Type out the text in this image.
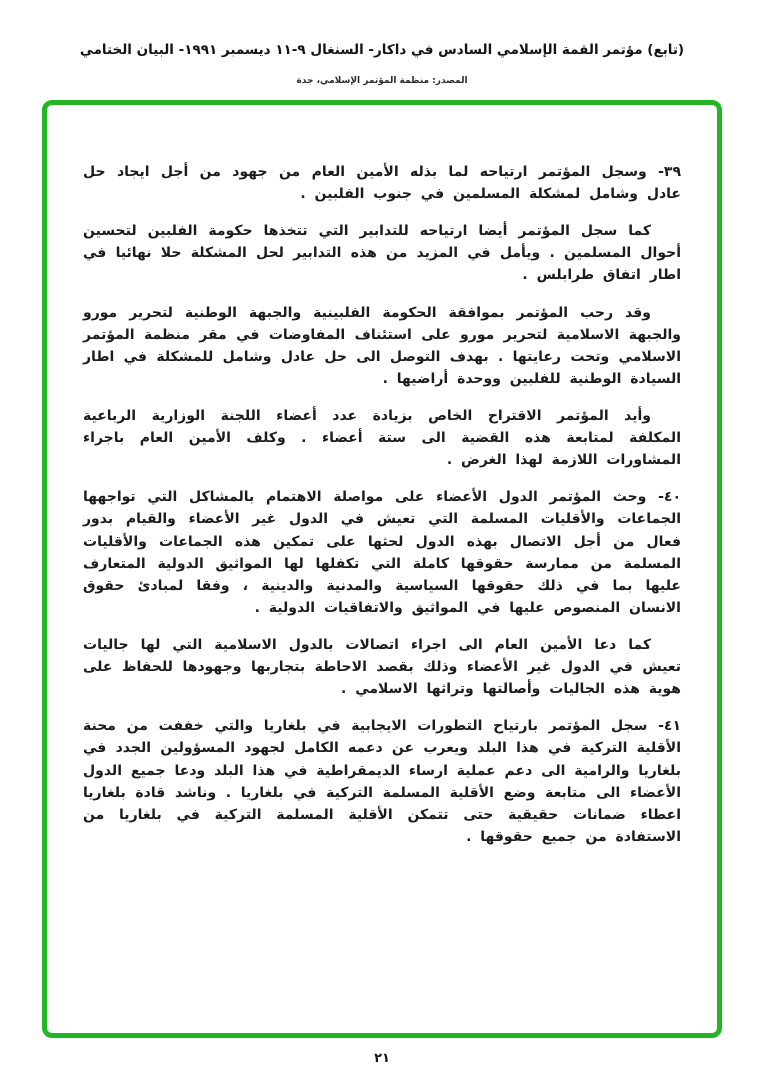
(تابع) مؤتمر القمة الإسلامي السادس في داكار- السنغال ٩-١١ ديسمبر ١٩٩١- البيان الختامي
المصدر: منظمة المؤتمر الإسلامي، جدة

٣٩- وسجل المؤتمر ارتياحه لما بذله الأمين العام من جهود من أجل ايجاد حل عادل وشامل لمشكلة المسلمين في جنوب الفلبين .

كما سجل المؤتمر أيضا ارتياحه للتدابير التي تتخذها حكومة الفلبين لتحسين أحوال المسلمين . ويأمل في المزيد من هذه التدابير لحل المشكلة حلا نهائيا في اطار اتفاق طرابلس .

وقد رحب المؤتمر بموافقة الحكومة الفلبينية والجبهة الوطنية لتحرير مورو والجبهة الاسلامية لتحرير مورو على استئناف المفاوضات في مقر منظمة المؤتمر الاسلامي وتحت رعايتها . بهدف التوصل الى حل عادل وشامل للمشكلة في اطار السيادة الوطنية للفلبين ووحدة أراضيها .

وأيد المؤتمر الاقتراح الخاص بزيادة عدد أعضاء اللجنة الوزارية الرباعية المكلفة لمتابعة هذه القضية الى ستة أعضاء . وكلف الأمين العام باجراء المشاورات اللازمة لهذا الغرض .

٤٠- وحث المؤتمر الدول الأعضاء على مواصلة الاهتمام بالمشاكل التي تواجهها الجماعات والأقليات المسلمة التي تعيش في الدول غير الأعضاء والقيام بدور فعال من أجل الاتصال بهذه الدول لحثها على تمكين هذه الجماعات والأقليات المسلمة من ممارسة حقوقها كاملة التي تكفلها لها المواثيق الدولية المتعارف عليها بما في ذلك حقوقها السياسية والمدنية والدينية ، وفقا لمبادئ حقوق الانسان المنصوص عليها في المواثيق والاتفاقيات الدولية .

كما دعا الأمين العام الى اجراء اتصالات بالدول الاسلامية التي لها جاليات تعيش في الدول غير الأعضاء وذلك بقصد الاحاطة بتجاربها وجهودها للحفاظ على هوية هذه الجاليات وأصالتها وتراثها الاسلامي .

٤١- سجل المؤتمر بارتياح التطورات الايجابية في بلغاريا والتي خففت من محنة الأقلية التركية في هذا البلد ويعرب عن دعمه الكامل لجهود المسؤولين الجدد في بلغاريا والرامية الى دعم عملية ارساء الديمقراطية في هذا البلد ودعا جميع الدول الأعضاء الى متابعة وضع الأقلية المسلمة التركية في بلغاريا . وناشد قادة بلغاريا اعطاء ضمانات حقيقية حتى تتمكن الأقلية المسلمة التركية في بلغاريا من الاستفادة من جميع حقوقها .

٢١
